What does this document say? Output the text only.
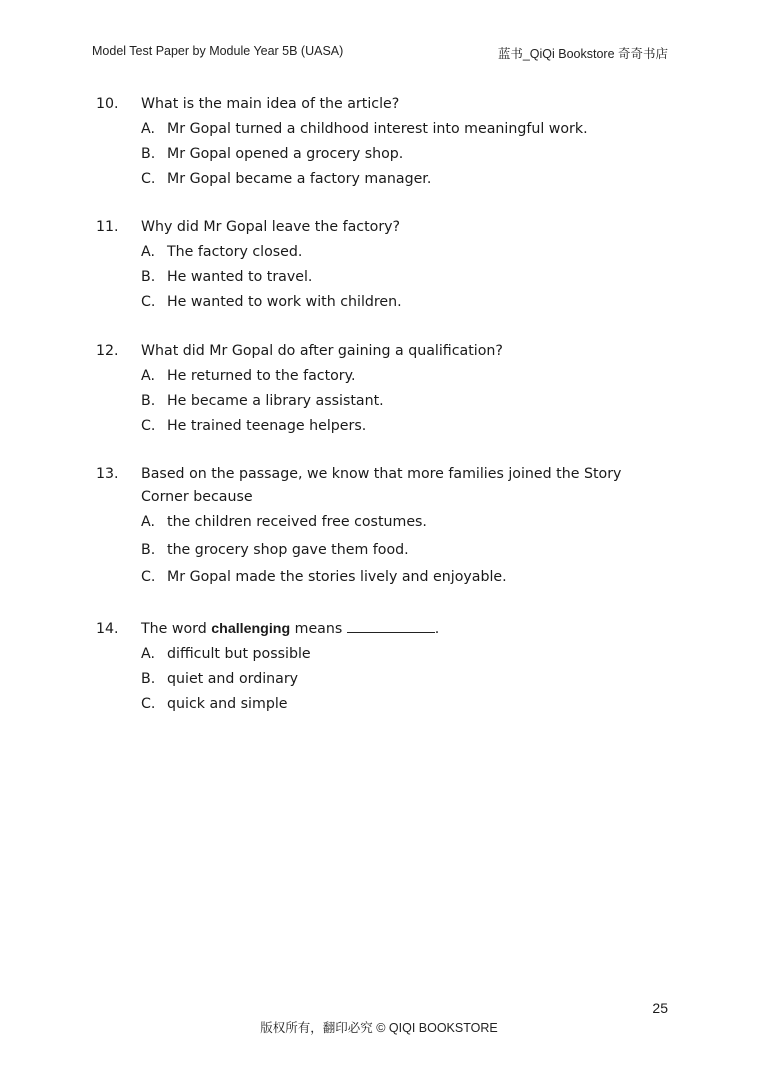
Model Test Paper by Module Year 5B (UASA)	蓝书_QiQi Bookstore 奇奇书店
10.	What is the main idea of the article?
A. Mr Gopal turned a childhood interest into meaningful work.
B. Mr Gopal opened a grocery shop.
C. Mr Gopal became a factory manager.
11.	Why did Mr Gopal leave the factory?
A. The factory closed.
B. He wanted to travel.
C. He wanted to work with children.
12.	What did Mr Gopal do after gaining a qualification?
A. He returned to the factory.
B. He became a library assistant.
C. He trained teenage helpers.
13.	Based on the passage, we know that more families joined the Story Corner because
A. the children received free costumes.
B. the grocery shop gave them food.
C. Mr Gopal made the stories lively and enjoyable.
14.	The word challenging means	.
A. difficult but possible
B. quiet and ordinary
C. quick and simple
25
版权所有，翻印必究 © QIQI BOOKSTORE
